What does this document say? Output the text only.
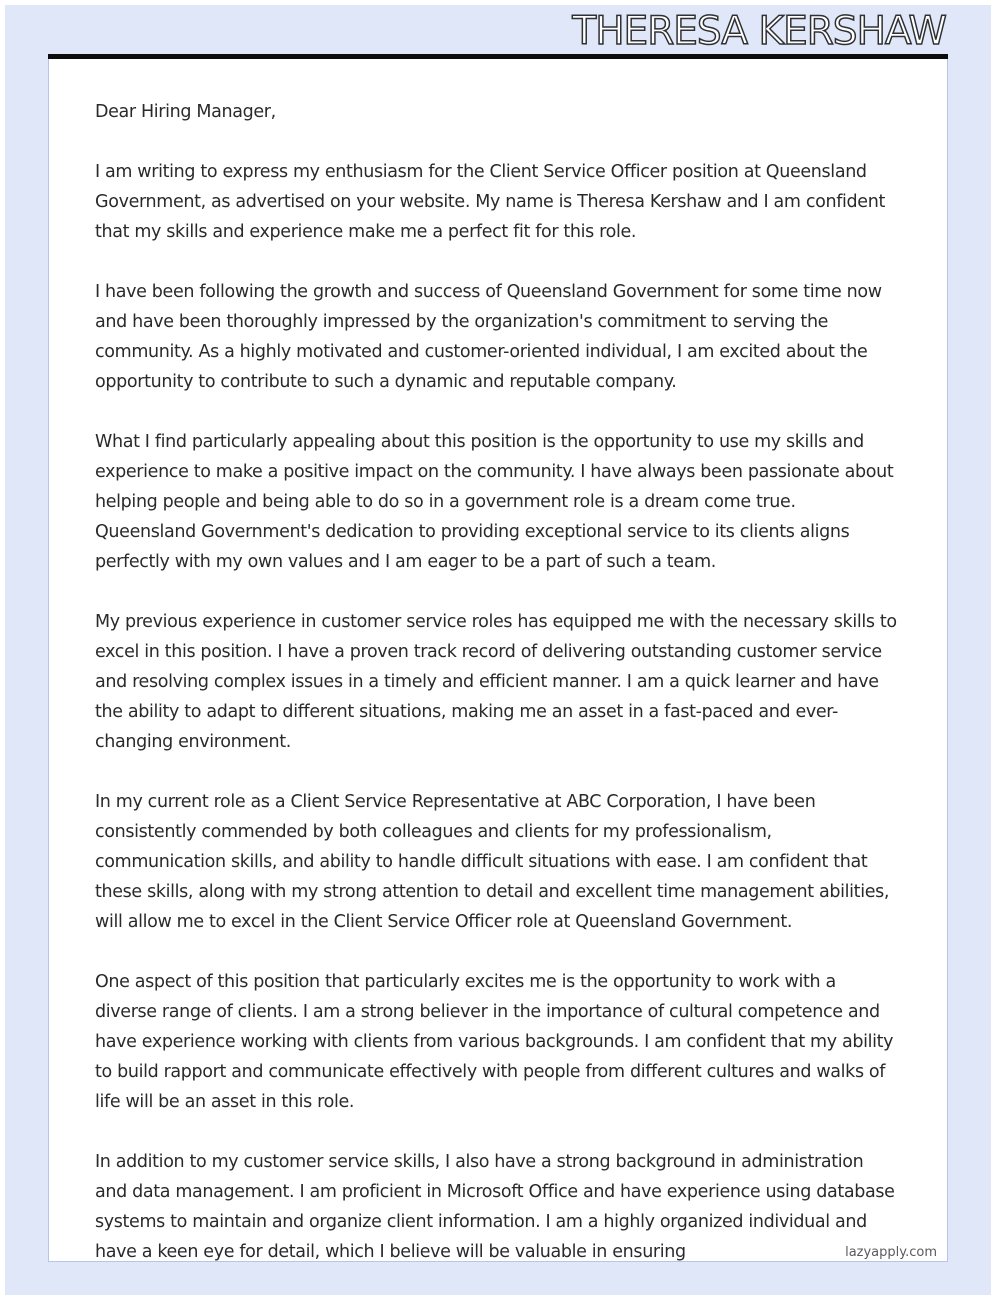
THERESA KERSHAW

Dear Hiring Manager,

I am writing to express my enthusiasm for the Client Service Officer position at Queensland Government, as advertised on your website. My name is Theresa Kershaw and I am confident that my skills and experience make me a perfect fit for this role.

I have been following the growth and success of Queensland Government for some time now and have been thoroughly impressed by the organization's commitment to serving the community. As a highly motivated and customer-oriented individual, I am excited about the opportunity to contribute to such a dynamic and reputable company.

What I find particularly appealing about this position is the opportunity to use my skills and experience to make a positive impact on the community. I have always been passionate about helping people and being able to do so in a government role is a dream come true. Queensland Government's dedication to providing exceptional service to its clients aligns perfectly with my own values and I am eager to be a part of such a team.

My previous experience in customer service roles has equipped me with the necessary skills to excel in this position. I have a proven track record of delivering outstanding customer service and resolving complex issues in a timely and efficient manner. I am a quick learner and have the ability to adapt to different situations, making me an asset in a fast-paced and ever-changing environment.

In my current role as a Client Service Representative at ABC Corporation, I have been consistently commended by both colleagues and clients for my professionalism, communication skills, and ability to handle difficult situations with ease. I am confident that these skills, along with my strong attention to detail and excellent time management abilities, will allow me to excel in the Client Service Officer role at Queensland Government.

One aspect of this position that particularly excites me is the opportunity to work with a diverse range of clients. I am a strong believer in the importance of cultural competence and have experience working with clients from various backgrounds. I am confident that my ability to build rapport and communicate effectively with people from different cultures and walks of life will be an asset in this role.

In addition to my customer service skills, I also have a strong background in administration and data management. I am proficient in Microsoft Office and have experience using database systems to maintain and organize client information. I am a highly organized individual and have a keen eye for detail, which I believe will be valuable in ensuring	lazyapply.com
